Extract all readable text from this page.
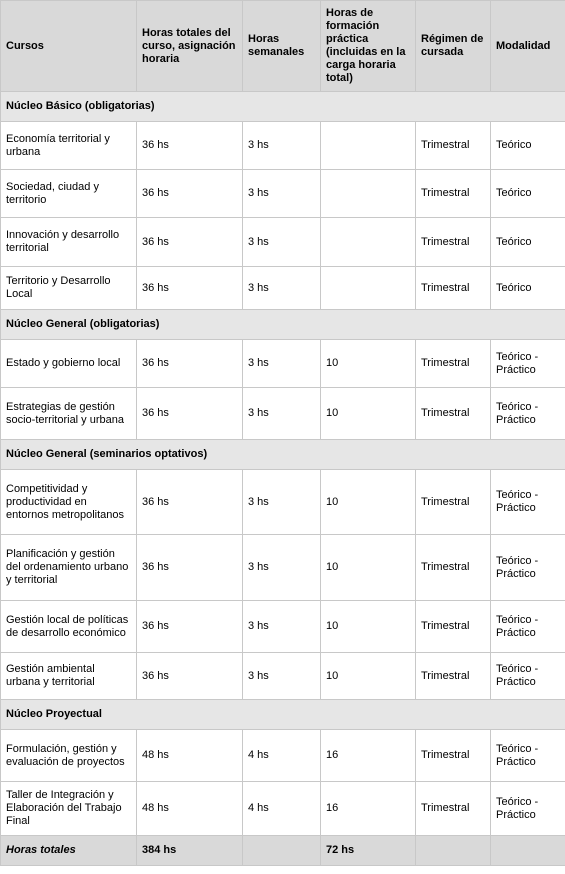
Cursos	Horas totales del curso, asignación horaria	Horas semanales	Horas de formación práctica (incluidas en la carga horaria total)	Régimen de cursada	Modalidad
Núcleo Básico (obligatorias)					
Economía territorial y urbana	36 hs	3 hs		Trimestral	Teórico
Sociedad, ciudad y territorio	36 hs	3 hs		Trimestral	Teórico
Innovación y desarrollo territorial	36 hs	3 hs		Trimestral	Teórico
Territorio y Desarrollo Local	36 hs	3 hs		Trimestral	Teórico
Núcleo General (obligatorias)					
Estado y gobierno local	36 hs	3 hs	10	Trimestral	Teórico - Práctico
Estrategias de gestión socio-territorial y urbana	36 hs	3 hs	10	Trimestral	Teórico - Práctico
Núcleo General (seminarios optativos)					
Competitividad y productividad en entornos metropolitanos	36 hs	3 hs	10	Trimestral	Teórico - Práctico
Planificación y gestión del ordenamiento urbano y territorial	36 hs	3 hs	10	Trimestral	Teórico - Práctico
Gestión local de políticas de desarrollo económico	36 hs	3 hs	10	Trimestral	Teórico - Práctico
Gestión ambiental urbana y territorial	36 hs	3 hs	10	Trimestral	Teórico - Práctico
Núcleo Proyectual					
Formulación, gestión y evaluación de proyectos	48 hs	4 hs	16	Trimestral	Teórico - Práctico
Taller de Integración y Elaboración del Trabajo Final	48 hs	4 hs	16	Trimestral	Teórico - Práctico
Horas totales	384 hs		72 hs		
